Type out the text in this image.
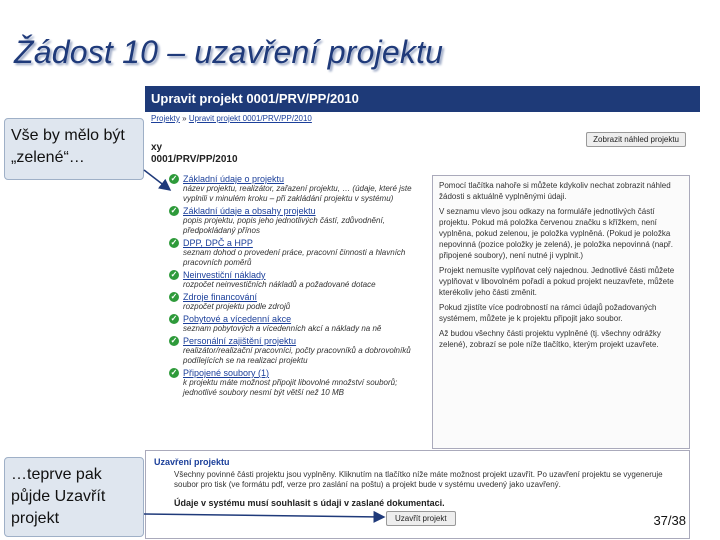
Žádost 10 – uzavření projektu
Upravit projekt 0001/PRV/PP/2010
Projekty » Upravit projekt 0001/PRV/PP/2010
Zobrazit náhled projektu
xy
0001/PRV/PP/2010
✓ Základní údaje o projektu
název projektu, realizátor, zařazení projektu, … (údaje, které jste vyplnili v minulém kroku – při zakládání projektu v systému)
✓ Základní údaje a obsahy projektu
popis projektu, popis jeho jednotlivých částí, zdůvodnění, předpokládaný přínos
✓ DPP, DPČ a HPP
seznam dohod o provedení práce, pracovní činnosti a hlavních pracovních poměrů
✓ Neinvestiční náklady
rozpočet neinvestičních nákladů a požadované dotace
✓ Zdroje financování
rozpočet projektu podle zdrojů
✓ Pobytové a vícedenní akce
seznam pobytových a vícedenních akcí a náklady na ně
✓ Personální zajištění projektu
realizátor/realizační pracovníci, počty pracovníků a dobrovolníků podílejících se na realizaci projektu
✓ Připojené soubory (1)
k projektu máte možnost připojit libovolné množství souborů; jednotlivé soubory nesmí být větší než 10 MB

Pomocí tlačítka nahoře si můžete kdykoliv nechat zobrazit náhled žádosti s aktuálně vyplněnými údaji.

V seznamu vlevo jsou odkazy na formuláře jednotlivých částí projektu. Pokud má položka červenou značku s křížkem, není vyplněna, pokud zelenou, je položka vyplněná. (Pokud je položka nepovinná (pozice položky je zelená), je položka nepovinná (např. připojené soubory), není nutné ji vyplnit.)

Projekt nemusíte vyplňovat celý najednou. Jednotlivé části můžete vyplňovat v libovolném pořadí a pokud projekt neuzavřete, můžete kterékoliv jeho části změnit.

Pokud zjistíte více podrobností na rámci údajů požadovaných systémem, můžete je k projektu připojit jako soubor.

Až budou všechny části projektu vyplněné (tj. všechny odrážky zelené), zobrazí se pole níže tlačítko, kterým projekt uzavřete.

Uzavření projektu
Všechny povinné části projektu jsou vyplněny. Kliknutím na tlačítko níže máte možnost projekt uzavřít. Po uzavření projektu se vygeneruje soubor pro tisk (ve formátu pdf, verze pro zaslání na poštu) a projekt bude v systému uvedený jako uzavřený.
Údaje v systému musí souhlasit s údaji v zaslané dokumentaci.
Uzavřít projekt
Vše by mělo být „zelené“…
…teprve pak půjde Uzavřít projekt	37/38
